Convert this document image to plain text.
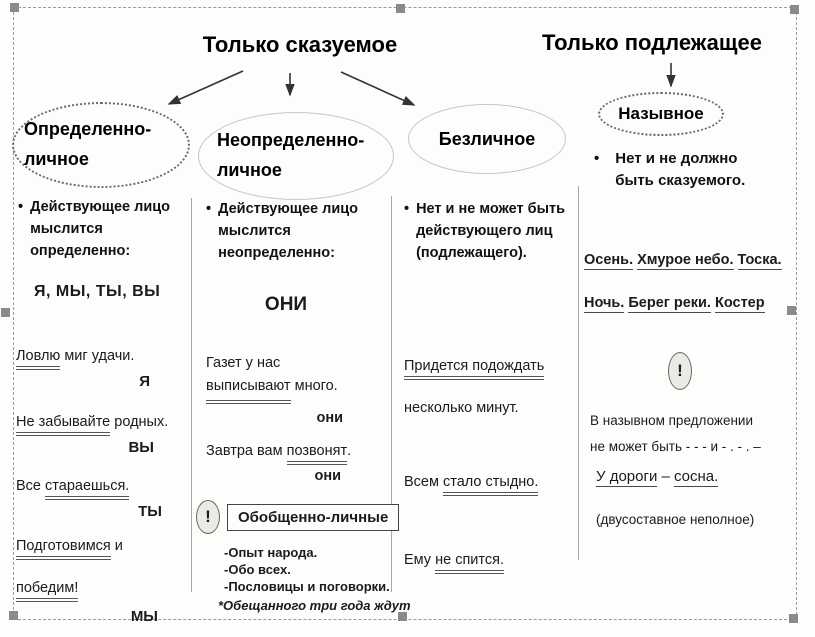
Только сказуемое	Только подлежащее
Определенно-
личное
Неопределенно-
личное
Безличное
Назывное
• Действующее лицо
мыслится
определенно:
Я, МЫ, ТЫ, ВЫ
Ловлю миг удачи.
Я
Не забывайте родных.
ВЫ
Все стараешься.
ТЫ
Подготовимся и
победим!
МЫ
• Действующее лицо
мыслится
неопределенно:
ОНИ
Газет у нас
выписывают много.
они
Завтра вам позвонят.
они
!	Обобщенно-личные
-Опыт народа.
-Обо всех.
-Пословицы и поговорки.
*Обещанного три года ждут
• Нет и не может быть
действующего лиц
(подлежащего).
Придется подождать
несколько минут.
Всем стало стыдно.
Ему не спится.
• Нет и не должно
быть сказуемого.
Осень. Хмурое небо. Тоска.
Ночь. Берег реки. Костер
!
В назывном предложении
не может быть - - - и - . - . –
У дороги – сосна.
(двусоставное неполное)
